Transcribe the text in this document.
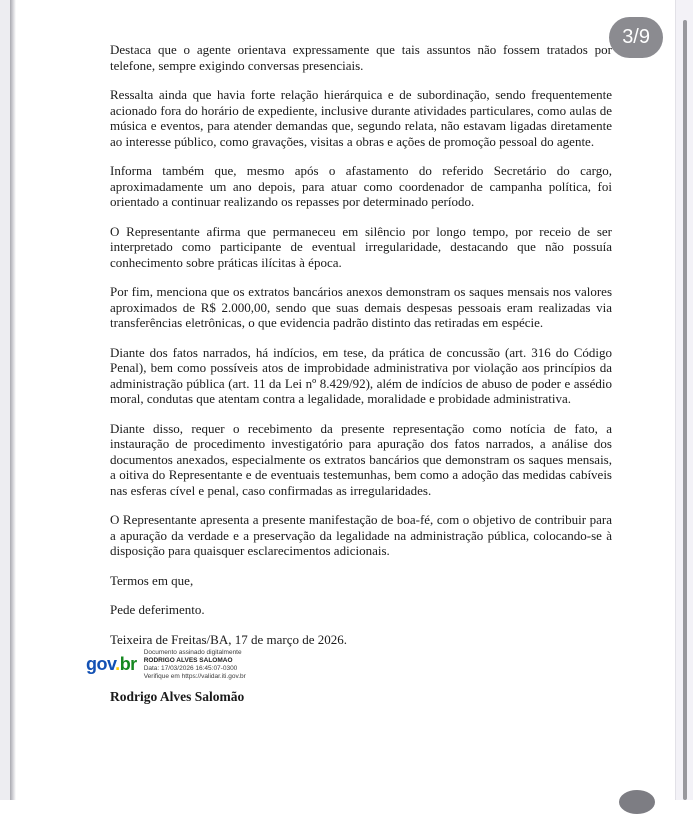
Destaca que o agente orientava expressamente que tais assuntos não fossem tratados por telefone, sempre exigindo conversas presenciais.

Ressalta ainda que havia forte relação hierárquica e de subordinação, sendo frequentemente acionado fora do horário de expediente, inclusive durante atividades particulares, como aulas de música e eventos, para atender demandas que, segundo relata, não estavam ligadas diretamente ao interesse público, como gravações, visitas a obras e ações de promoção pessoal do agente.

Informa também que, mesmo após o afastamento do referido Secretário do cargo, aproximadamente um ano depois, para atuar como coordenador de campanha política, foi orientado a continuar realizando os repasses por determinado período.

O Representante afirma que permaneceu em silêncio por longo tempo, por receio de ser interpretado como participante de eventual irregularidade, destacando que não possuía conhecimento sobre práticas ilícitas à época.

Por fim, menciona que os extratos bancários anexos demonstram os saques mensais nos valores aproximados de R$ 2.000,00, sendo que suas demais despesas pessoais eram realizadas via transferências eletrônicas, o que evidencia padrão distinto das retiradas em espécie.

Diante dos fatos narrados, há indícios, em tese, da prática de concussão (art. 316 do Código Penal), bem como possíveis atos de improbidade administrativa por violação aos princípios da administração pública (art. 11 da Lei nº 8.429/92), além de indícios de abuso de poder e assédio moral, condutas que atentam contra a legalidade, moralidade e probidade administrativa.

Diante disso, requer o recebimento da presente representação como notícia de fato, a instauração de procedimento investigatório para apuração dos fatos narrados, a análise dos documentos anexados, especialmente os extratos bancários que demonstram os saques mensais, a oitiva do Representante e de eventuais testemunhas, bem como a adoção das medidas cabíveis nas esferas cível e penal, caso confirmadas as irregularidades.

O Representante apresenta a presente manifestação de boa-fé, com o objetivo de contribuir para a apuração da verdade e a preservação da legalidade na administração pública, colocando-se à disposição para quaisquer esclarecimentos adicionais.

Termos em que,

Pede deferimento.

Teixeira de Freitas/BA, 17 de março de 2026.

gov.br
Documento assinado digitalmente
RODRIGO ALVES SALOMAO
Data: 17/03/2026 16:45:07-0300
Verifique em https://validar.iti.gov.br

Rodrigo Alves Salomão

3/9
